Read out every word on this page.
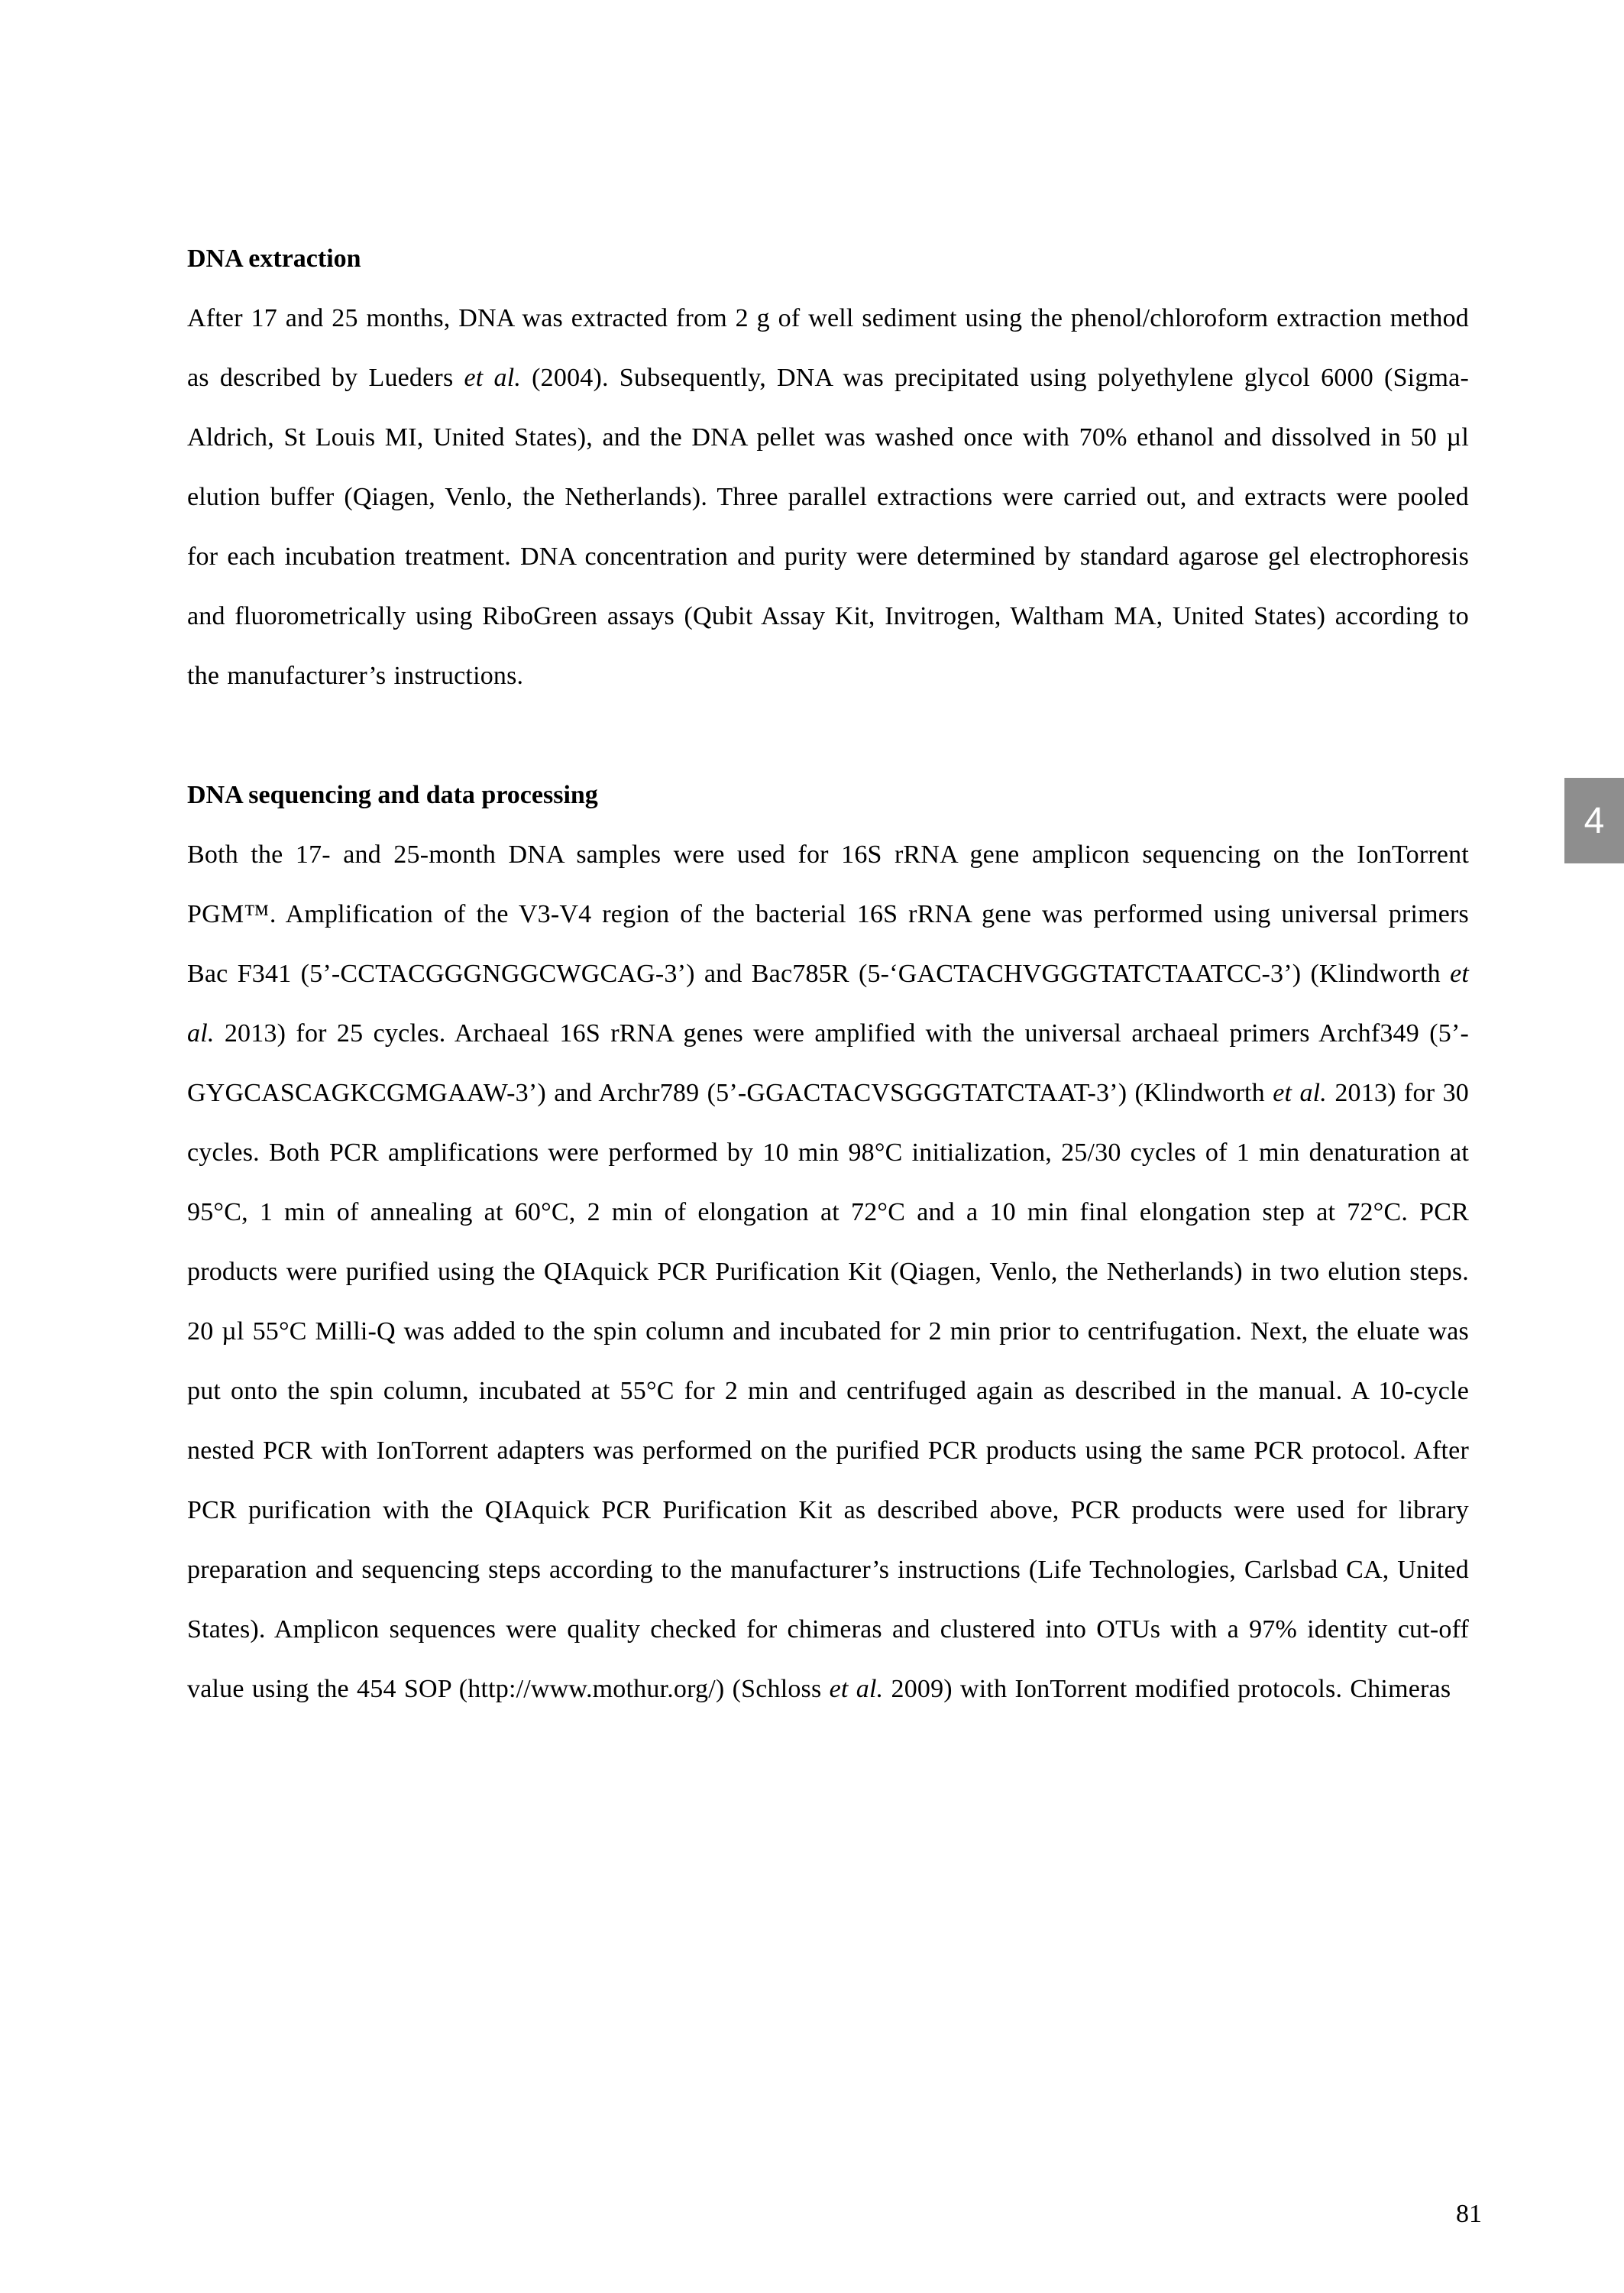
DNA extraction

After 17 and 25 months, DNA was extracted from 2 g of well sediment using the phenol/chloroform extraction method as described by Lueders et al. (2004). Subsequently, DNA was precipitated using polyethylene glycol 6000 (Sigma-Aldrich, St Louis MI, United States), and the DNA pellet was washed once with 70% ethanol and dissolved in 50 µl elution buffer (Qiagen, Venlo, the Netherlands). Three parallel extractions were carried out, and extracts were pooled for each incubation treatment. DNA concentration and purity were determined by standard agarose gel electrophoresis and fluorometrically using RiboGreen assays (Qubit Assay Kit, Invitrogen, Waltham MA, United States) according to the manufacturer’s instructions.

DNA sequencing and data processing

Both the 17- and 25-month DNA samples were used for 16S rRNA gene amplicon sequencing on the IonTorrent PGM™. Amplification of the V3-V4 region of the bacterial 16S rRNA gene was performed using universal primers Bac F341 (5’-CCTACGGGNGGCWGCAG-3’) and Bac785R (5-‘GACTACHVGGGTATCTAATCC-3’) (Klindworth et al. 2013) for 25 cycles. Archaeal 16S rRNA genes were amplified with the universal archaeal primers Archf349 (5’-GYGCASCAGKCGMGAAW-3’) and Archr789 (5’-GGACTACVSGGGTATCTAAT-3’) (Klindworth et al. 2013) for 30 cycles. Both PCR amplifications were performed by 10 min 98°C initialization, 25/30 cycles of 1 min denaturation at 95°C, 1 min of annealing at 60°C, 2 min of elongation at 72°C and a 10 min final elongation step at 72°C. PCR products were purified using the QIAquick PCR Purification Kit (Qiagen, Venlo, the Netherlands) in two elution steps. 20 µl 55°C Milli-Q was added to the spin column and incubated for 2 min prior to centrifugation. Next, the eluate was put onto the spin column, incubated at 55°C for 2 min and centrifuged again as described in the manual. A 10-cycle nested PCR with IonTorrent adapters was performed on the purified PCR products using the same PCR protocol. After PCR purification with the QIAquick PCR Purification Kit as described above, PCR products were used for library preparation and sequencing steps according to the manufacturer’s instructions (Life Technologies, Carlsbad CA, United States). Amplicon sequences were quality checked for chimeras and clustered into OTUs with a 97% identity cut-off value using the 454 SOP (http://www.mothur.org/) (Schloss et al. 2009) with IonTorrent modified protocols. Chimeras

4
81
